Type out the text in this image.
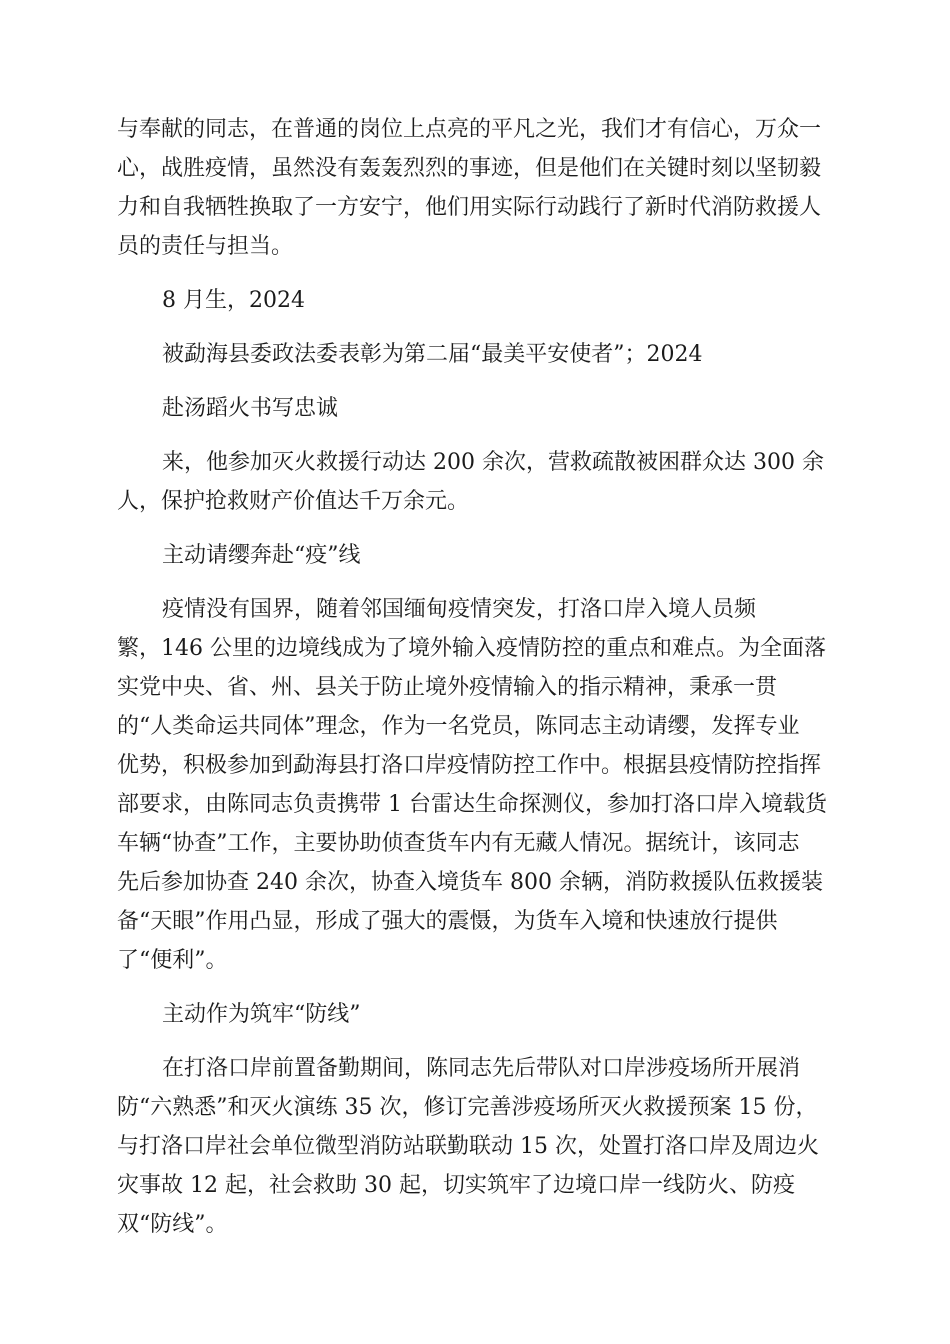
与奉献的同志，在普通的岗位上点亮的平凡之光，我们才有信心，万众一
心，战胜疫情，虽然没有轰轰烈烈的事迹，但是他们在关键时刻以坚韧毅
力和自我牺牲换取了一方安宁，他们用实际行动践行了新时代消防救援人
员的责任与担当。
8 月生，2024
被勐海县委政法委表彰为第二届“最美平安使者”；2024
赴汤蹈火书写忠诚
来，他参加灭火救援行动达 200 余次，营救疏散被困群众达 300 余
人，保护抢救财产价值达千万余元。
主动请缨奔赴“疫”线
疫情没有国界，随着邻国缅甸疫情突发，打洛口岸入境人员频
繁，146 公里的边境线成为了境外输入疫情防控的重点和难点。为全面落
实党中央、省、州、县关于防止境外疫情输入的指示精神，秉承一贯
的“人类命运共同体”理念，作为一名党员，陈同志主动请缨，发挥专业
优势，积极参加到勐海县打洛口岸疫情防控工作中。根据县疫情防控指挥
部要求，由陈同志负责携带 1 台雷达生命探测仪，参加打洛口岸入境载货
车辆“协查”工作，主要协助侦查货车内有无藏人情况。据统计，该同志
先后参加协查 240 余次，协查入境货车 800 余辆，消防救援队伍救援装
备“天眼”作用凸显，形成了强大的震慑，为货车入境和快速放行提供
了“便利”。
主动作为筑牢“防线”
在打洛口岸前置备勤期间，陈同志先后带队对口岸涉疫场所开展消
防“六熟悉”和灭火演练 35 次，修订完善涉疫场所灭火救援预案 15 份，
与打洛口岸社会单位微型消防站联勤联动 15 次，处置打洛口岸及周边火
灾事故 12 起，社会救助 30 起，切实筑牢了边境口岸一线防火、防疫
双“防线”。
